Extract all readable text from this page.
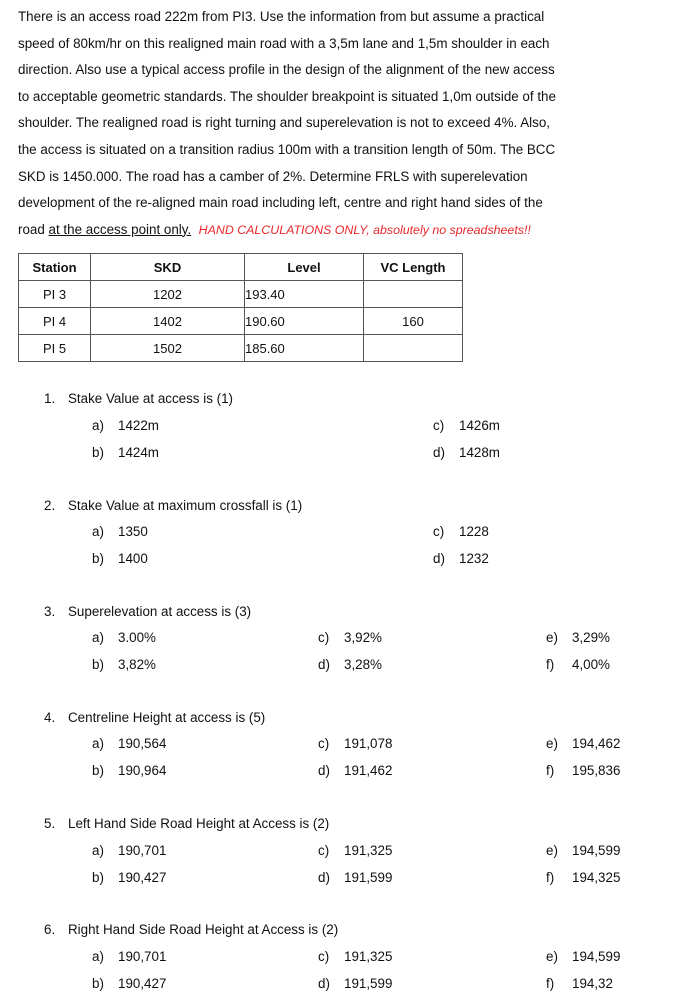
There is an access road 222m from PI3. Use the information from but assume a practical
speed of 80km/hr on this realigned main road with a 3,5m lane and 1,5m shoulder in each
direction. Also use a typical access profile in the design of the alignment of the new access
to acceptable geometric standards. The shoulder breakpoint is situated 1,0m outside of the
shoulder. The realigned road is right turning and superelevation is not to exceed 4%. Also,
the access is situated on a transition radius 100m with a transition length of 50m. The BCC
SKD is 1450.000. The road has a camber of 2%. Determine FRLS with superelevation
development of the re-aligned main road including left, centre and right hand sides of the
road at the access point only. HAND CALCULATIONS ONLY, absolutely no spreadsheets!!
Station	SKD	Level	VC Length
PI 3	1202	193.40	
PI 4	1402	190.60	160
PI 5	1502	185.60	
1. Stake Value at access is (1)
a) 1422m
b) 1424m
c) 1426m
d) 1428m
2. Stake Value at maximum crossfall is (1)
a) 1350
b) 1400
c) 1228
d) 1232
3. Superelevation at access is (3)
a) 3.00%
b) 3,82%
c) 3,92%
d) 3,28%
e) 3,29%
f) 4,00%
4. Centreline Height at access is (5)
a) 190,564
b) 190,964
c) 191,078
d) 191,462
e) 194,462
f) 195,836
5. Left Hand Side Road Height at Access is (2)
a) 190,701
b) 190,427
c) 191,325
d) 191,599
e) 194,599
f) 194,325
6. Right Hand Side Road Height at Access is (2)
a) 190,701
b) 190,427
c) 191,325
d) 191,599
e) 194,599
f) 194,32
